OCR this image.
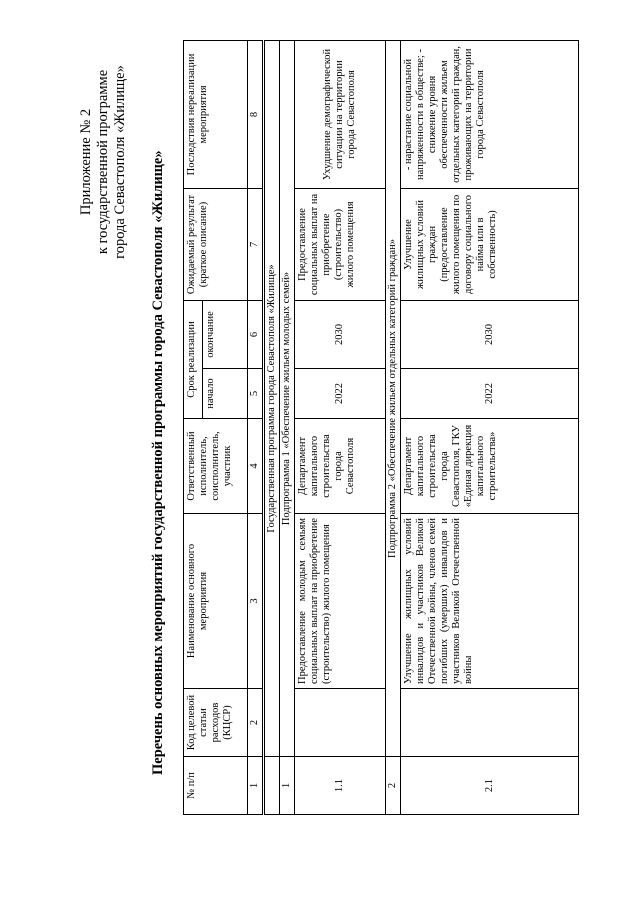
Приложение № 2 к государственной программе города Севастополя «Жилище» Перечень основных мероприятий государственной программы города Севастополя «Жилище»
№ п/п	Код целевой статьи расходов (КЦСР)	Наименование основного мероприятия	Ответственный исполнитель, соисполнитель, участник	Срок реализации		Ожидаемый результат (краткое описание)	Последствия нереализации мероприятия
				начало	окончание		
1	2	3	4	5	6	7	8
	Государственная программа города Севастополя «Жилище»						
1	Подпрограмма 1 «Обеспечение жильем молодых семей»						
1.1		Предоставление молодым семьям социальных выплат на приобретение (строительство) жилого помещения	Департамент капитального строительства города Севастополя	2022	2030	Предоставление социальных выплат на приобретение (строительство) жилого помещения	Ухудшение демографической ситуации на территории города Севастополя
2	Подпрограмма 2 «Обеспечение жильем отдельных категорий граждан»						
2.1		Улучшение жилищных условий инвалидов и участников Великой Отечественной войны, членов семей погибших (умерших) инвалидов и участников Великой Отечественной войны	Департамент капитального строительства города Севастополя, ГКУ «Единая дирекция капитального строительства»	2022	2030	Улучшение жилищных условий граждан (предоставление жилого помещения по договору социального найма или в собственность)	- нарастание социальной напряженности в обществе; - снижение уровня обеспеченности жильем отдельных категорий граждан, проживающих на территории города Севастополя
